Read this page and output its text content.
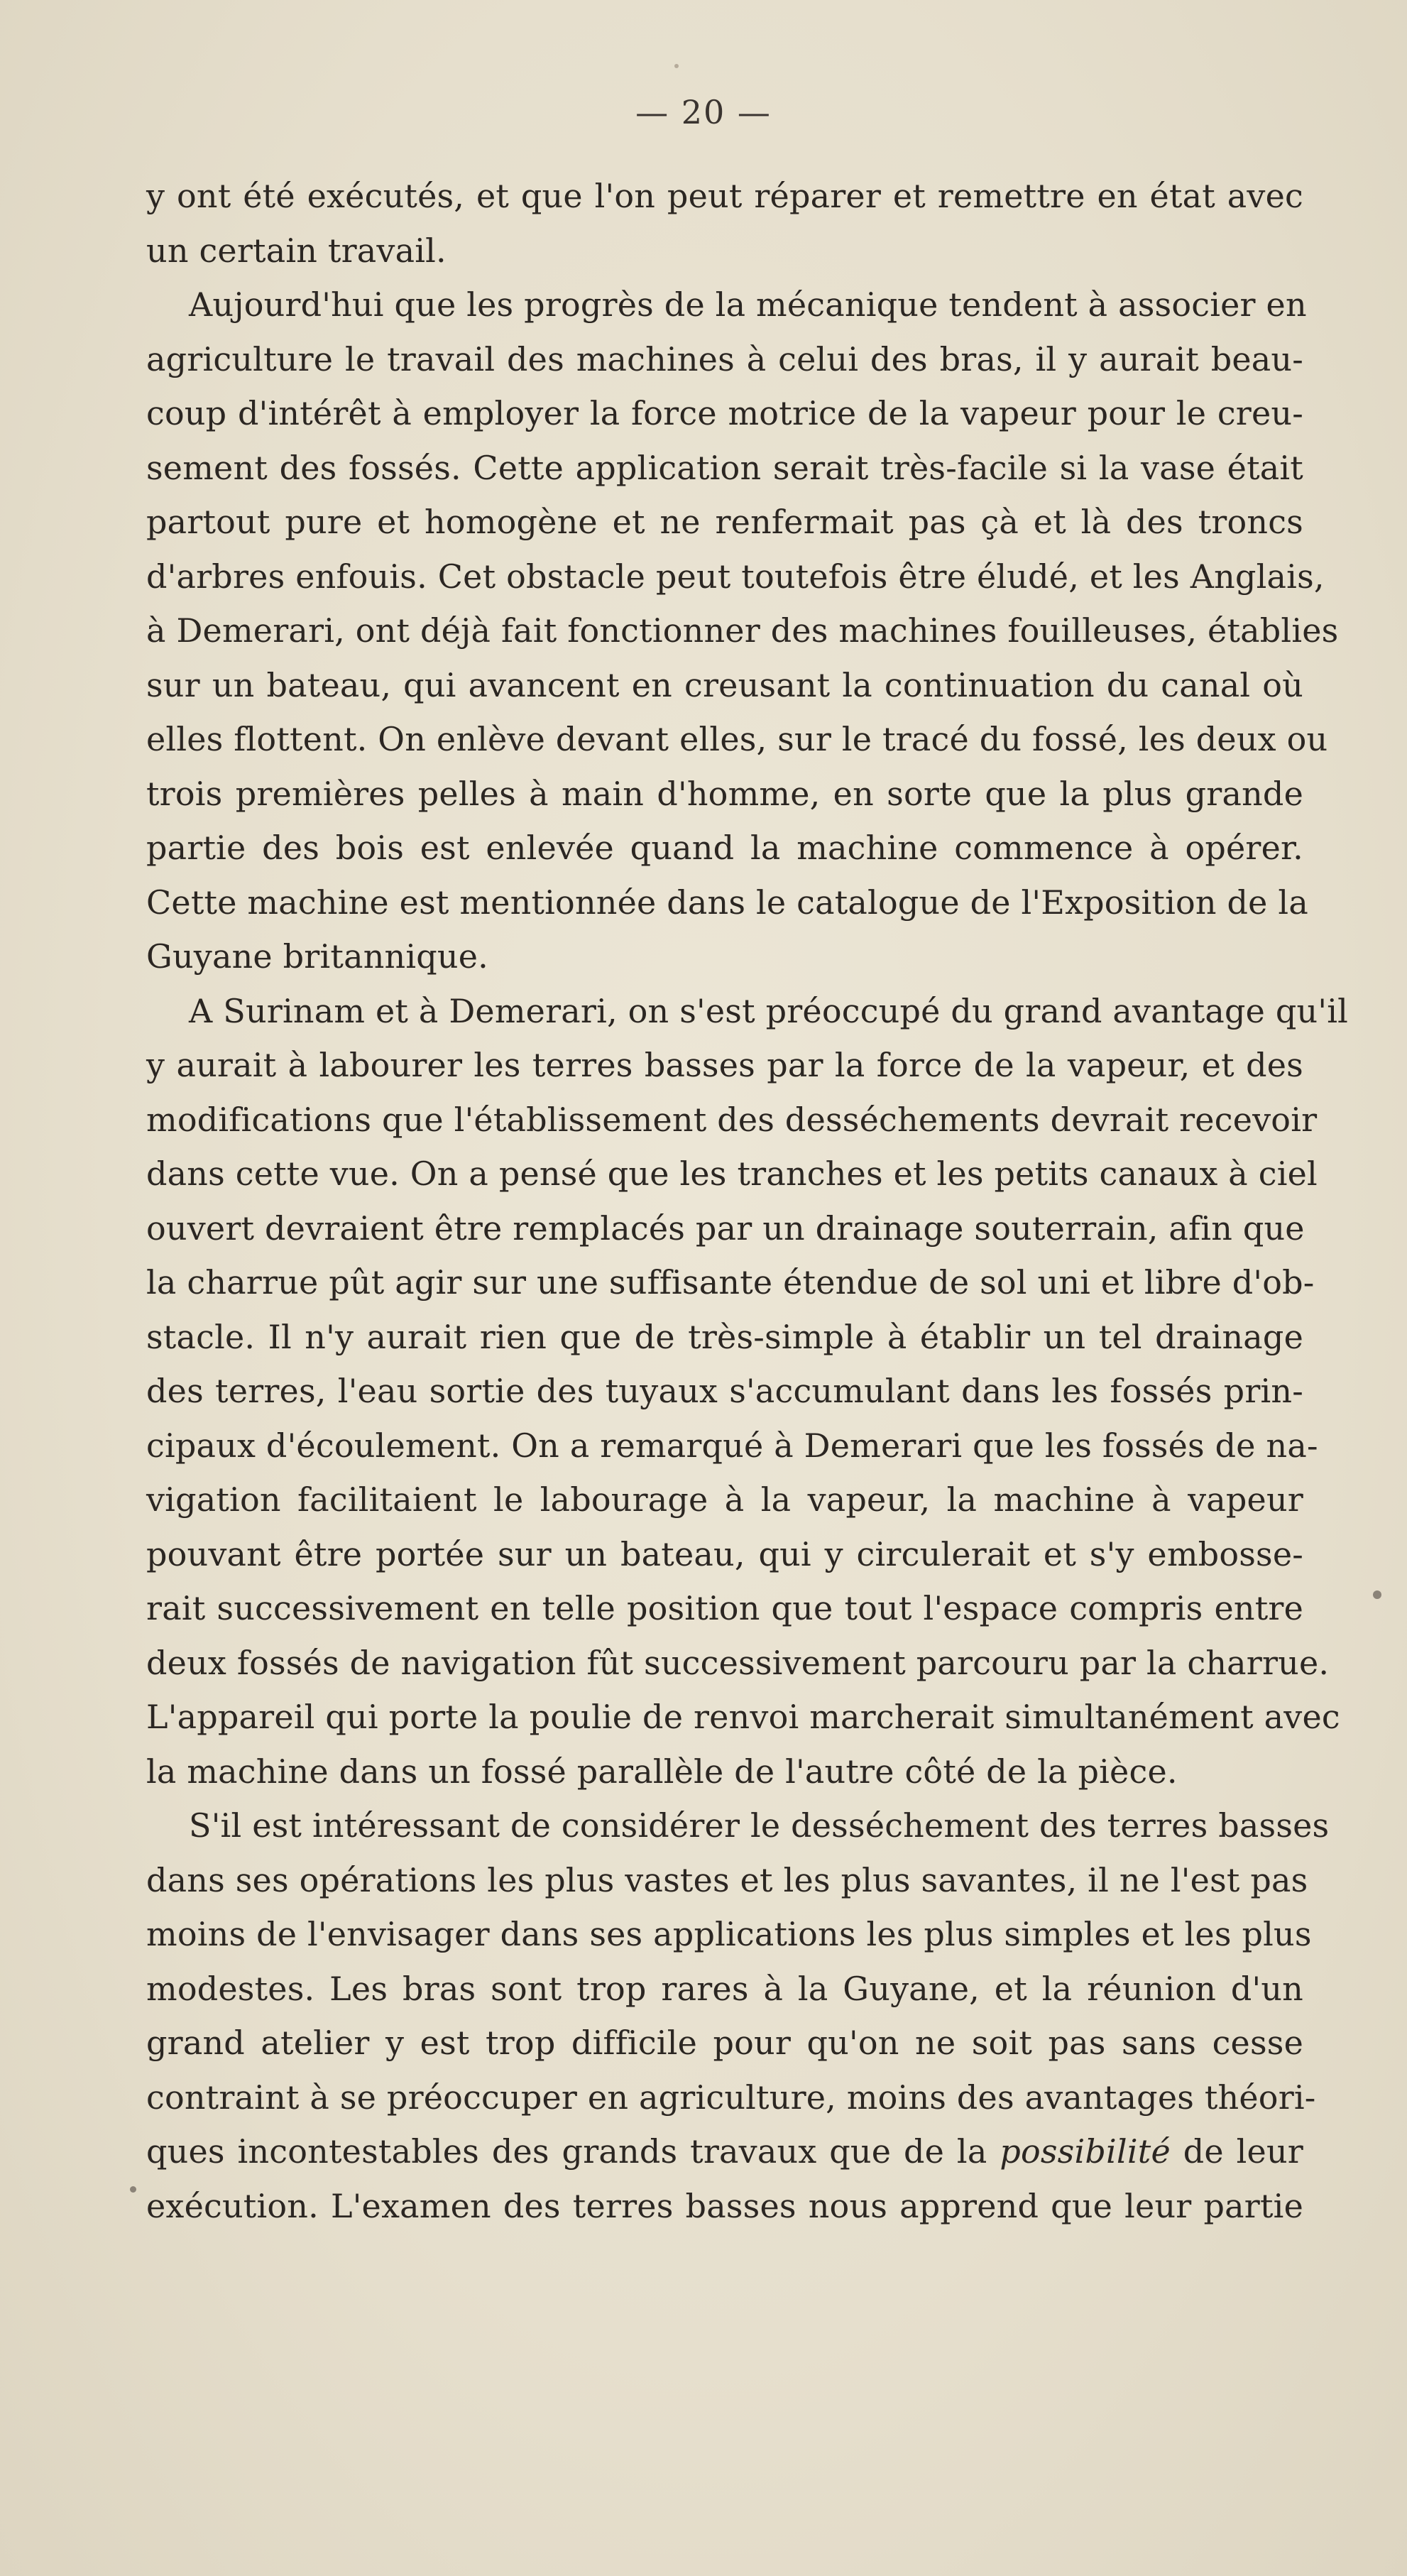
— 20 —
y ont été exécutés, et que l'on peut réparer et remettre en état avec
un certain travail.
Aujourd'hui que les progrès de la mécanique tendent à associer en
agriculture le travail des machines à celui des bras, il y aurait beau-
coup d'intérêt à employer la force motrice de la vapeur pour le creu-
sement des fossés. Cette application serait très-facile si la vase était
partout pure et homogène et ne renfermait pas çà et là des troncs
d'arbres enfouis. Cet obstacle peut toutefois être éludé, et les Anglais,
à Demerari, ont déjà fait fonctionner des machines fouilleuses, établies
sur un bateau, qui avancent en creusant la continuation du canal où
elles flottent. On enlève devant elles, sur le tracé du fossé, les deux ou
trois premières pelles à main d'homme, en sorte que la plus grande
partie des bois est enlevée quand la machine commence à opérer.
Cette machine est mentionnée dans le catalogue de l'Exposition de la
Guyane britannique.
A Surinam et à Demerari, on s'est préoccupé du grand avantage qu'il
y aurait à labourer les terres basses par la force de la vapeur, et des
modifications que l'établissement des desséchements devrait recevoir
dans cette vue. On a pensé que les tranches et les petits canaux à ciel
ouvert devraient être remplacés par un drainage souterrain, afin que
la charrue pût agir sur une suffisante étendue de sol uni et libre d'ob-
stacle. Il n'y aurait rien que de très-simple à établir un tel drainage
des terres, l'eau sortie des tuyaux s'accumulant dans les fossés prin-
cipaux d'écoulement. On a remarqué à Demerari que les fossés de na-
vigation facilitaient le labourage à la vapeur, la machine à vapeur
pouvant être portée sur un bateau, qui y circulerait et s'y embosse-
rait successivement en telle position que tout l'espace compris entre
deux fossés de navigation fût successivement parcouru par la charrue.
L'appareil qui porte la poulie de renvoi marcherait simultanément avec
la machine dans un fossé parallèle de l'autre côté de la pièce.
S'il est intéressant de considérer le desséchement des terres basses
dans ses opérations les plus vastes et les plus savantes, il ne l'est pas
moins de l'envisager dans ses applications les plus simples et les plus
modestes. Les bras sont trop rares à la Guyane, et la réunion d'un
grand atelier y est trop difficile pour qu'on ne soit pas sans cesse
contraint à se préoccuper en agriculture, moins des avantages théori-
ques incontestables des grands travaux que de la possibilité de leur
exécution. L'examen des terres basses nous apprend que leur partie
